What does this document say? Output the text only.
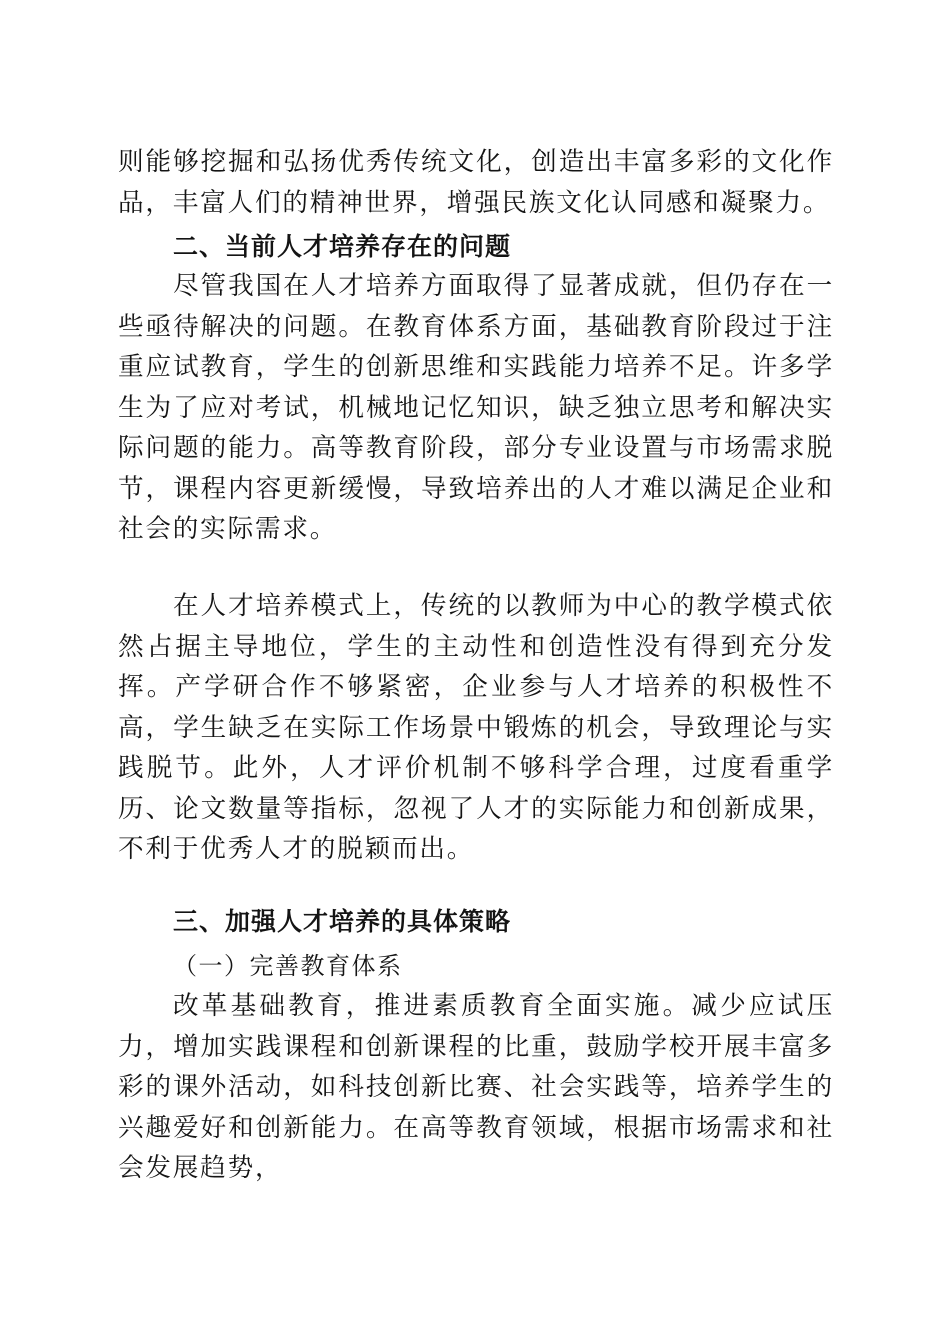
则能够挖掘和弘扬优秀传统文化，创造出丰富多彩的文化作品，丰富人们的精神世界，增强民族文化认同感和凝聚力。

二、当前人才培养存在的问题

尽管我国在人才培养方面取得了显著成就，但仍存在一些亟待解决的问题。在教育体系方面，基础教育阶段过于注重应试教育，学生的创新思维和实践能力培养不足。许多学生为了应对考试，机械地记忆知识，缺乏独立思考和解决实际问题的能力。高等教育阶段，部分专业设置与市场需求脱节，课程内容更新缓慢，导致培养出的人才难以满足企业和社会的实际需求。

在人才培养模式上，传统的以教师为中心的教学模式依然占据主导地位，学生的主动性和创造性没有得到充分发挥。产学研合作不够紧密，企业参与人才培养的积极性不高，学生缺乏在实际工作场景中锻炼的机会，导致理论与实践脱节。此外，人才评价机制不够科学合理，过度看重学历、论文数量等指标，忽视了人才的实际能力和创新成果，不利于优秀人才的脱颖而出。

三、加强人才培养的具体策略
（一）完善教育体系

改革基础教育，推进素质教育全面实施。减少应试压力，增加实践课程和创新课程的比重，鼓励学校开展丰富多彩的课外活动，如科技创新比赛、社会实践等，培养学生的兴趣爱好和创新能力。在高等教育领域，根据市场需求和社会发展趋势，
